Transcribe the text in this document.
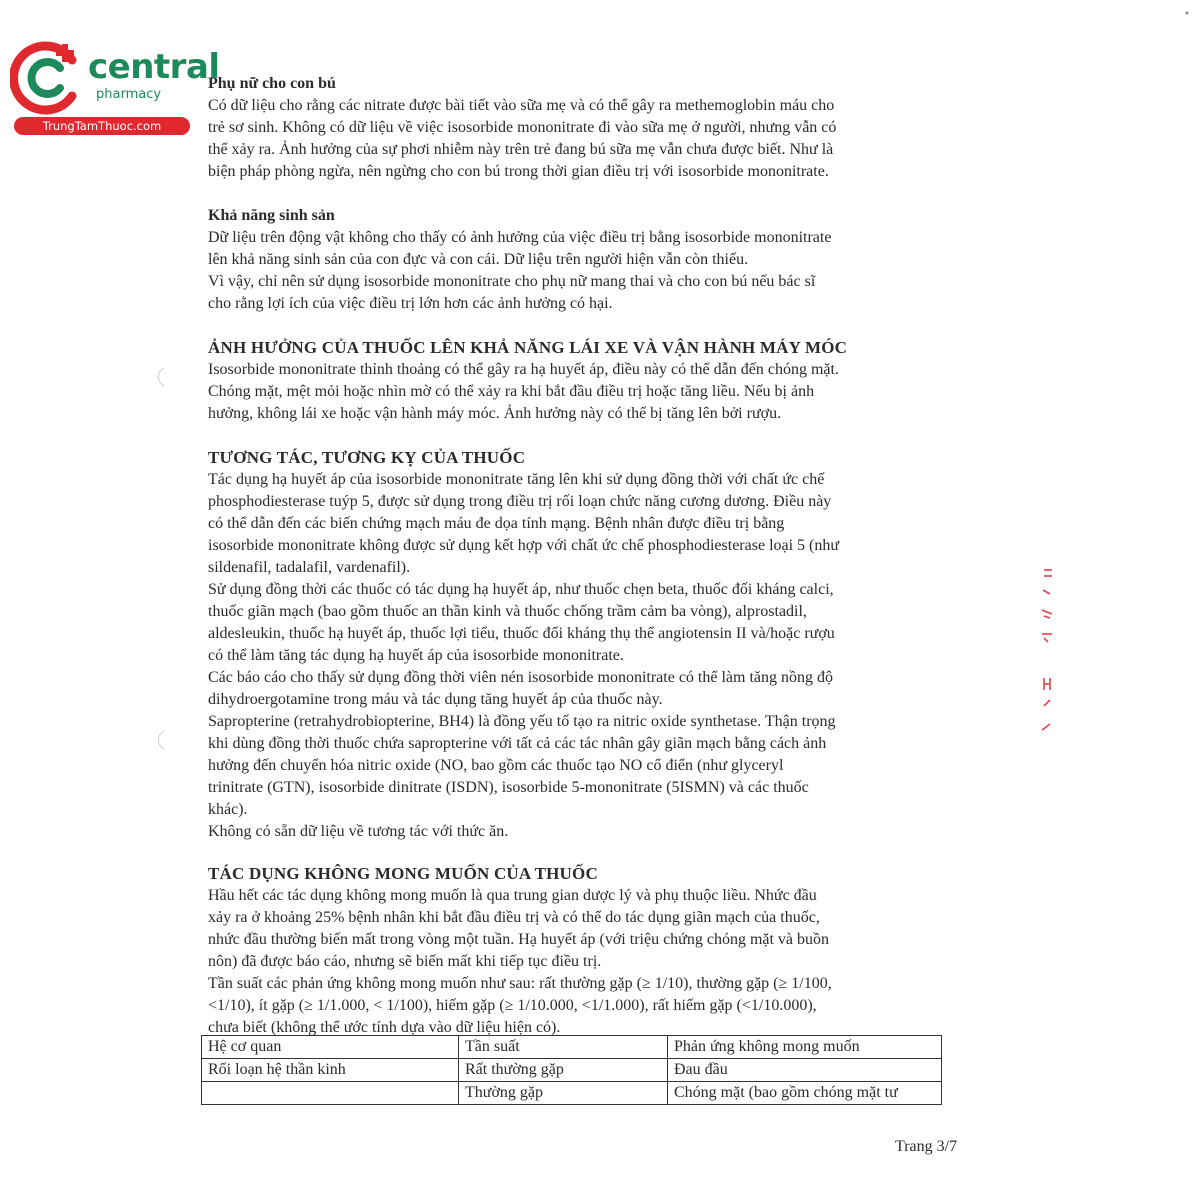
central
pharmacy
TrungTamThuoc.com

Phụ nữ cho con bú

Có dữ liệu cho rằng các nitrate được bài tiết vào sữa mẹ và có thể gây ra methemoglobin máu cho

trẻ sơ sinh. Không có dữ liệu về việc isosorbide mononitrate đi vào sữa mẹ ở người, nhưng vẫn có

thể xảy ra. Ảnh hưởng của sự phơi nhiễm này trên trẻ đang bú sữa mẹ vẫn chưa được biết. Như là

biện pháp phòng ngừa, nên ngừng cho con bú trong thời gian điều trị với isosorbide mononitrate.

Khả năng sinh sản

Dữ liệu trên động vật không cho thấy có ảnh hưởng của việc điều trị bằng isosorbide mononitrate

lên khả năng sinh sản của con đực và con cái. Dữ liệu trên người hiện vẫn còn thiếu.

Vì vậy, chỉ nên sử dụng isosorbide mononitrate cho phụ nữ mang thai và cho con bú nếu bác sĩ

cho rằng lợi ích của việc điều trị lớn hơn các ảnh hưởng có hại.

ẢNH HƯỞNG CỦA THUỐC LÊN KHẢ NĂNG LÁI XE VÀ VẬN HÀNH MÁY MÓC

Isosorbide mononitrate thỉnh thoảng có thể gây ra hạ huyết áp, điều này có thể dẫn đến chóng mặt.

Chóng mặt, mệt mỏi hoặc nhìn mờ có thể xảy ra khi bắt đầu điều trị hoặc tăng liều. Nếu bị ảnh

hưởng, không lái xe hoặc vận hành máy móc. Ảnh hưởng này có thể bị tăng lên bởi rượu.

TƯƠNG TÁC, TƯƠNG KỴ CỦA THUỐC

Tác dụng hạ huyết áp của isosorbide mononitrate tăng lên khi sử dụng đồng thời với chất ức chế

phosphodiesterase tuýp 5, được sử dụng trong điều trị rối loạn chức năng cương dương. Điều này

có thể dẫn đến các biến chứng mạch máu đe dọa tính mạng. Bệnh nhân được điều trị bằng

isosorbide mononitrate không được sử dụng kết hợp với chất ức chế phosphodiesterase loại 5 (như

sildenafil, tadalafil, vardenafil).

Sử dụng đồng thời các thuốc có tác dụng hạ huyết áp, như thuốc chẹn beta, thuốc đối kháng calci,

thuốc giãn mạch (bao gồm thuốc an thần kinh và thuốc chống trầm cảm ba vòng), alprostadil,

aldesleukin, thuốc hạ huyết áp, thuốc lợi tiểu, thuốc đối kháng thụ thể angiotensin II và/hoặc rượu

có thể làm tăng tác dụng hạ huyết áp của isosorbide mononitrate.

Các báo cáo cho thấy sử dụng đồng thời viên nén isosorbide mononitrate có thể làm tăng nồng độ

dihydroergotamine trong máu và tác dụng tăng huyết áp của thuốc này.

Sapropterine (retrahydrobiopterine, BH4) là đồng yếu tố tạo ra nitric oxide synthetase. Thận trọng

khi dùng đồng thời thuốc chứa sapropterine với tất cả các tác nhân gây giãn mạch bằng cách ảnh

hưởng đến chuyển hóa nitric oxide (NO, bao gồm các thuốc tạo NO cổ điển (như glyceryl

trinitrate (GTN), isosorbide dinitrate (ISDN), isosorbide 5-mononitrate (5ISMN) và các thuốc

khác).

Không có sẵn dữ liệu về tương tác với thức ăn.

TÁC DỤNG KHÔNG MONG MUỐN CỦA THUỐC

Hầu hết các tác dụng không mong muốn là qua trung gian dược lý và phụ thuộc liều. Nhức đầu

xảy ra ở khoảng 25% bệnh nhân khi bắt đầu điều trị và có thể do tác dụng giãn mạch của thuốc,

nhức đầu thường biến mất trong vòng một tuần. Hạ huyết áp (với triệu chứng chóng mặt và buồn

nôn) đã được báo cáo, nhưng sẽ biến mất khi tiếp tục điều trị.

Tần suất các phản ứng không mong muốn như sau: rất thường gặp (≥ 1/10), thường gặp (≥ 1/100,

<1/10), ít gặp (≥ 1/1.000, < 1/100), hiếm gặp (≥ 1/10.000, <1/1.000), rất hiếm gặp (<1/10.000),

chưa biết (không thể ước tính dựa vào dữ liệu hiện có).

Hệ cơ quan	Tần suất	Phản ứng không mong muốn
Rối loạn hệ thần kinh	Rất thường gặp	Đau đầu
	Thường gặp	Chóng mặt (bao gồm chóng mặt tư
Trang 3/7
